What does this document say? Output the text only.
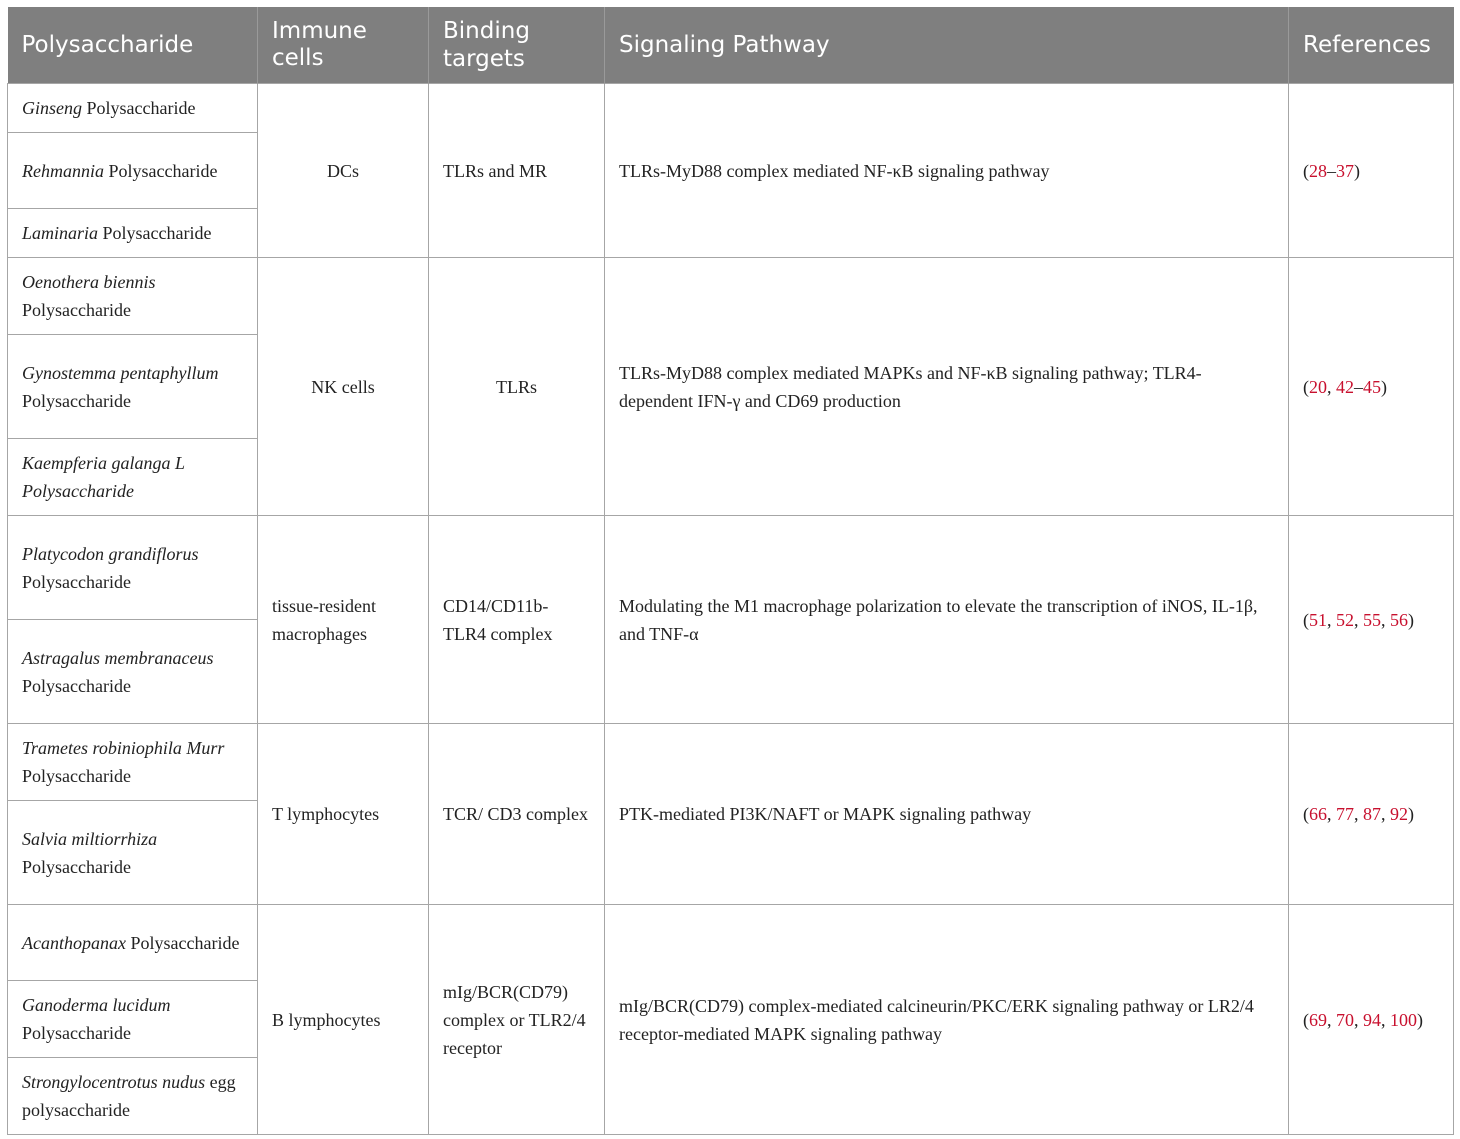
Polysaccharide	Immune cells	Binding targets	Signaling Pathway	References
Ginseng Polysaccharide	DCs	TLRs and MR	TLRs-MyD88 complex mediated NF-κB signaling pathway	(28–37)
Rehmannia Polysaccharide				
Laminaria Polysaccharide				
Oenothera biennis Polysaccharide	NK cells	TLRs	TLRs-MyD88 complex mediated MAPKs and NF-κB signaling pathway; TLR4-dependent IFN-γ and CD69 production	(20, 42–45)
Gynostemma pentaphyllum Polysaccharide				
Kaempferia galanga L Polysaccharide				
Platycodon grandiflorus Polysaccharide	tissue-resident macrophages	CD14/CD11b-TLR4 complex	Modulating the M1 macrophage polarization to elevate the transcription of iNOS, IL-1β, and TNF-α	(51, 52, 55, 56)
Astragalus membranaceus Polysaccharide				
Trametes robiniophila Murr Polysaccharide	T lymphocytes	TCR/ CD3 complex	PTK-mediated PI3K/NAFT or MAPK signaling pathway	(66, 77, 87, 92)
Salvia miltiorrhiza Polysaccharide				
Acanthopanax Polysaccharide	B lymphocytes	mIg/BCR(CD79) complex or TLR2/4 receptor	mIg/BCR(CD79) complex-mediated calcineurin/PKC/ERK signaling pathway or LR2/4 receptor-mediated MAPK signaling pathway	(69, 70, 94, 100)
Ganoderma lucidum Polysaccharide				
Strongylocentrotus nudus egg polysaccharide				
